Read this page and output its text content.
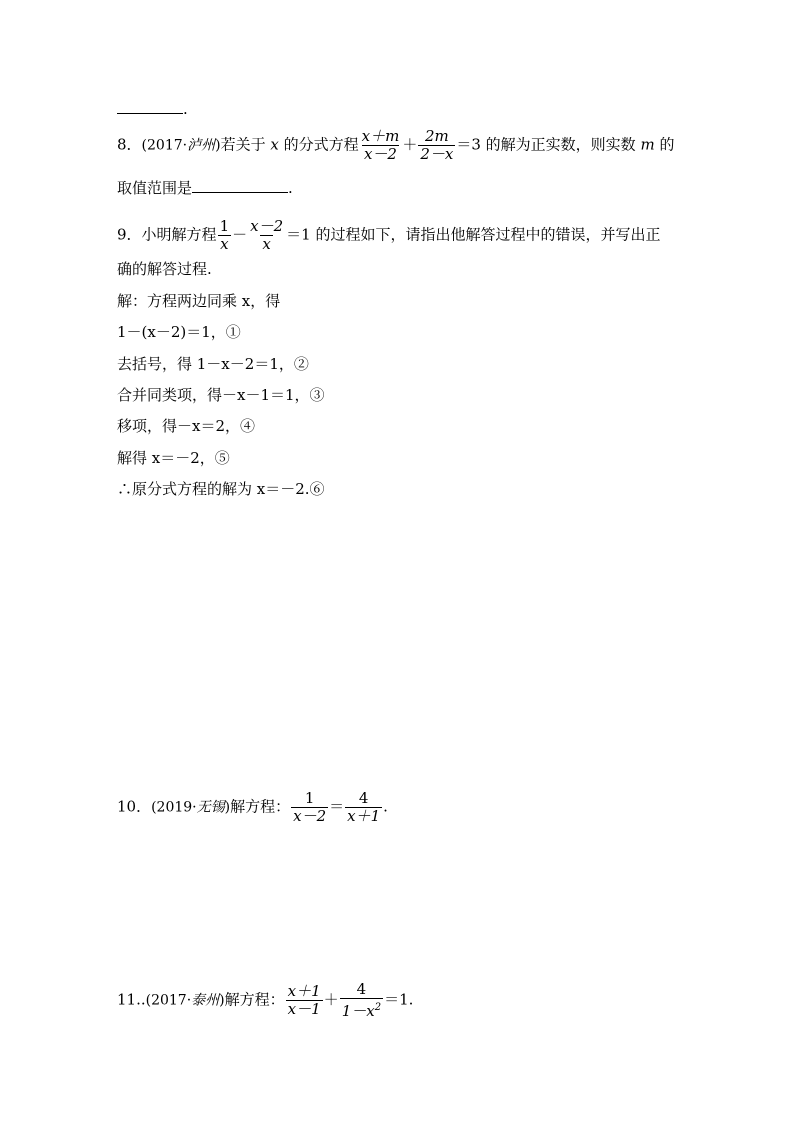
.
8．(2017·泸州)若关于 x 的分式方程 $\frac{x+m}{x-2} + \frac{2m}{2-x} =3$ 的解为正实数，则实数 m 的
取值范围是	.
9．小明解方程 $\frac{1}{x} - \frac{x-2}{x} =1$ 的过程如下，请指出他解答过程中的错误，并写出正
确的解答过程.
解：方程两边同乘 x，得
1－(x－2)＝1，①
去括号，得 1－x－2＝1，②
合并同类项，得－x－1＝1，③
移项，得－x＝2，④
解得 x＝－2，⑤
∴原分式方程的解为 x＝－2.⑥
10．(2019·无锡)解方程： $\frac{1}{x-2} = \frac{4}{x+1}$ .
11..(2017·泰州)解方程： $\frac{x+1}{x-1} + \frac{4}{1-x^2} =1$.
